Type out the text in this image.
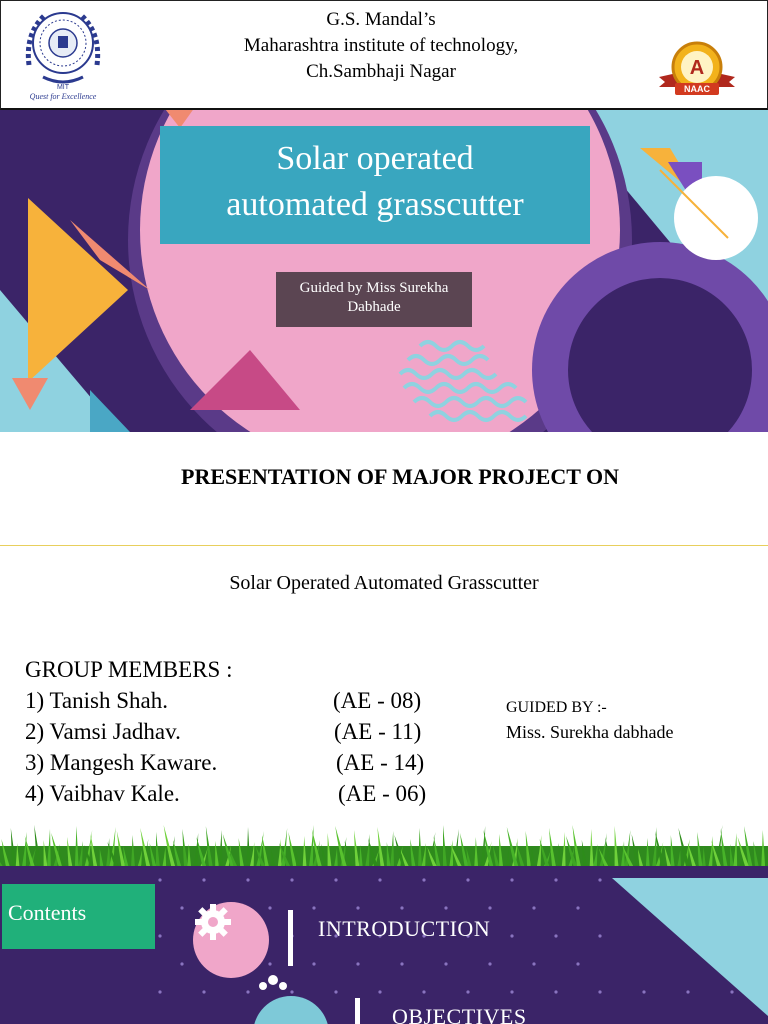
MIT
Quest for Excellence
G.S. Mandal’s
Maharashtra institute of technology,
Ch.Sambhaji Nagar	A
NAAC
Solar operated
automated grasscutter
Guided by Miss Surekha
Dabhade
PRESENTATION OF MAJOR PROJECT ON
Solar Operated Automated Grasscutter
GROUP MEMBERS :
1) Tanish Shah.	(AE - 08)
2) Vamsi Jadhav.	(AE - 11)
3) Mangesh Kaware.	(AE - 14)
4) Vaibhav Kale.	(AE - 06)
GUIDED BY :-
Miss. Surekha dabhade
Contents
INTRODUCTION
OBJECTIVES
